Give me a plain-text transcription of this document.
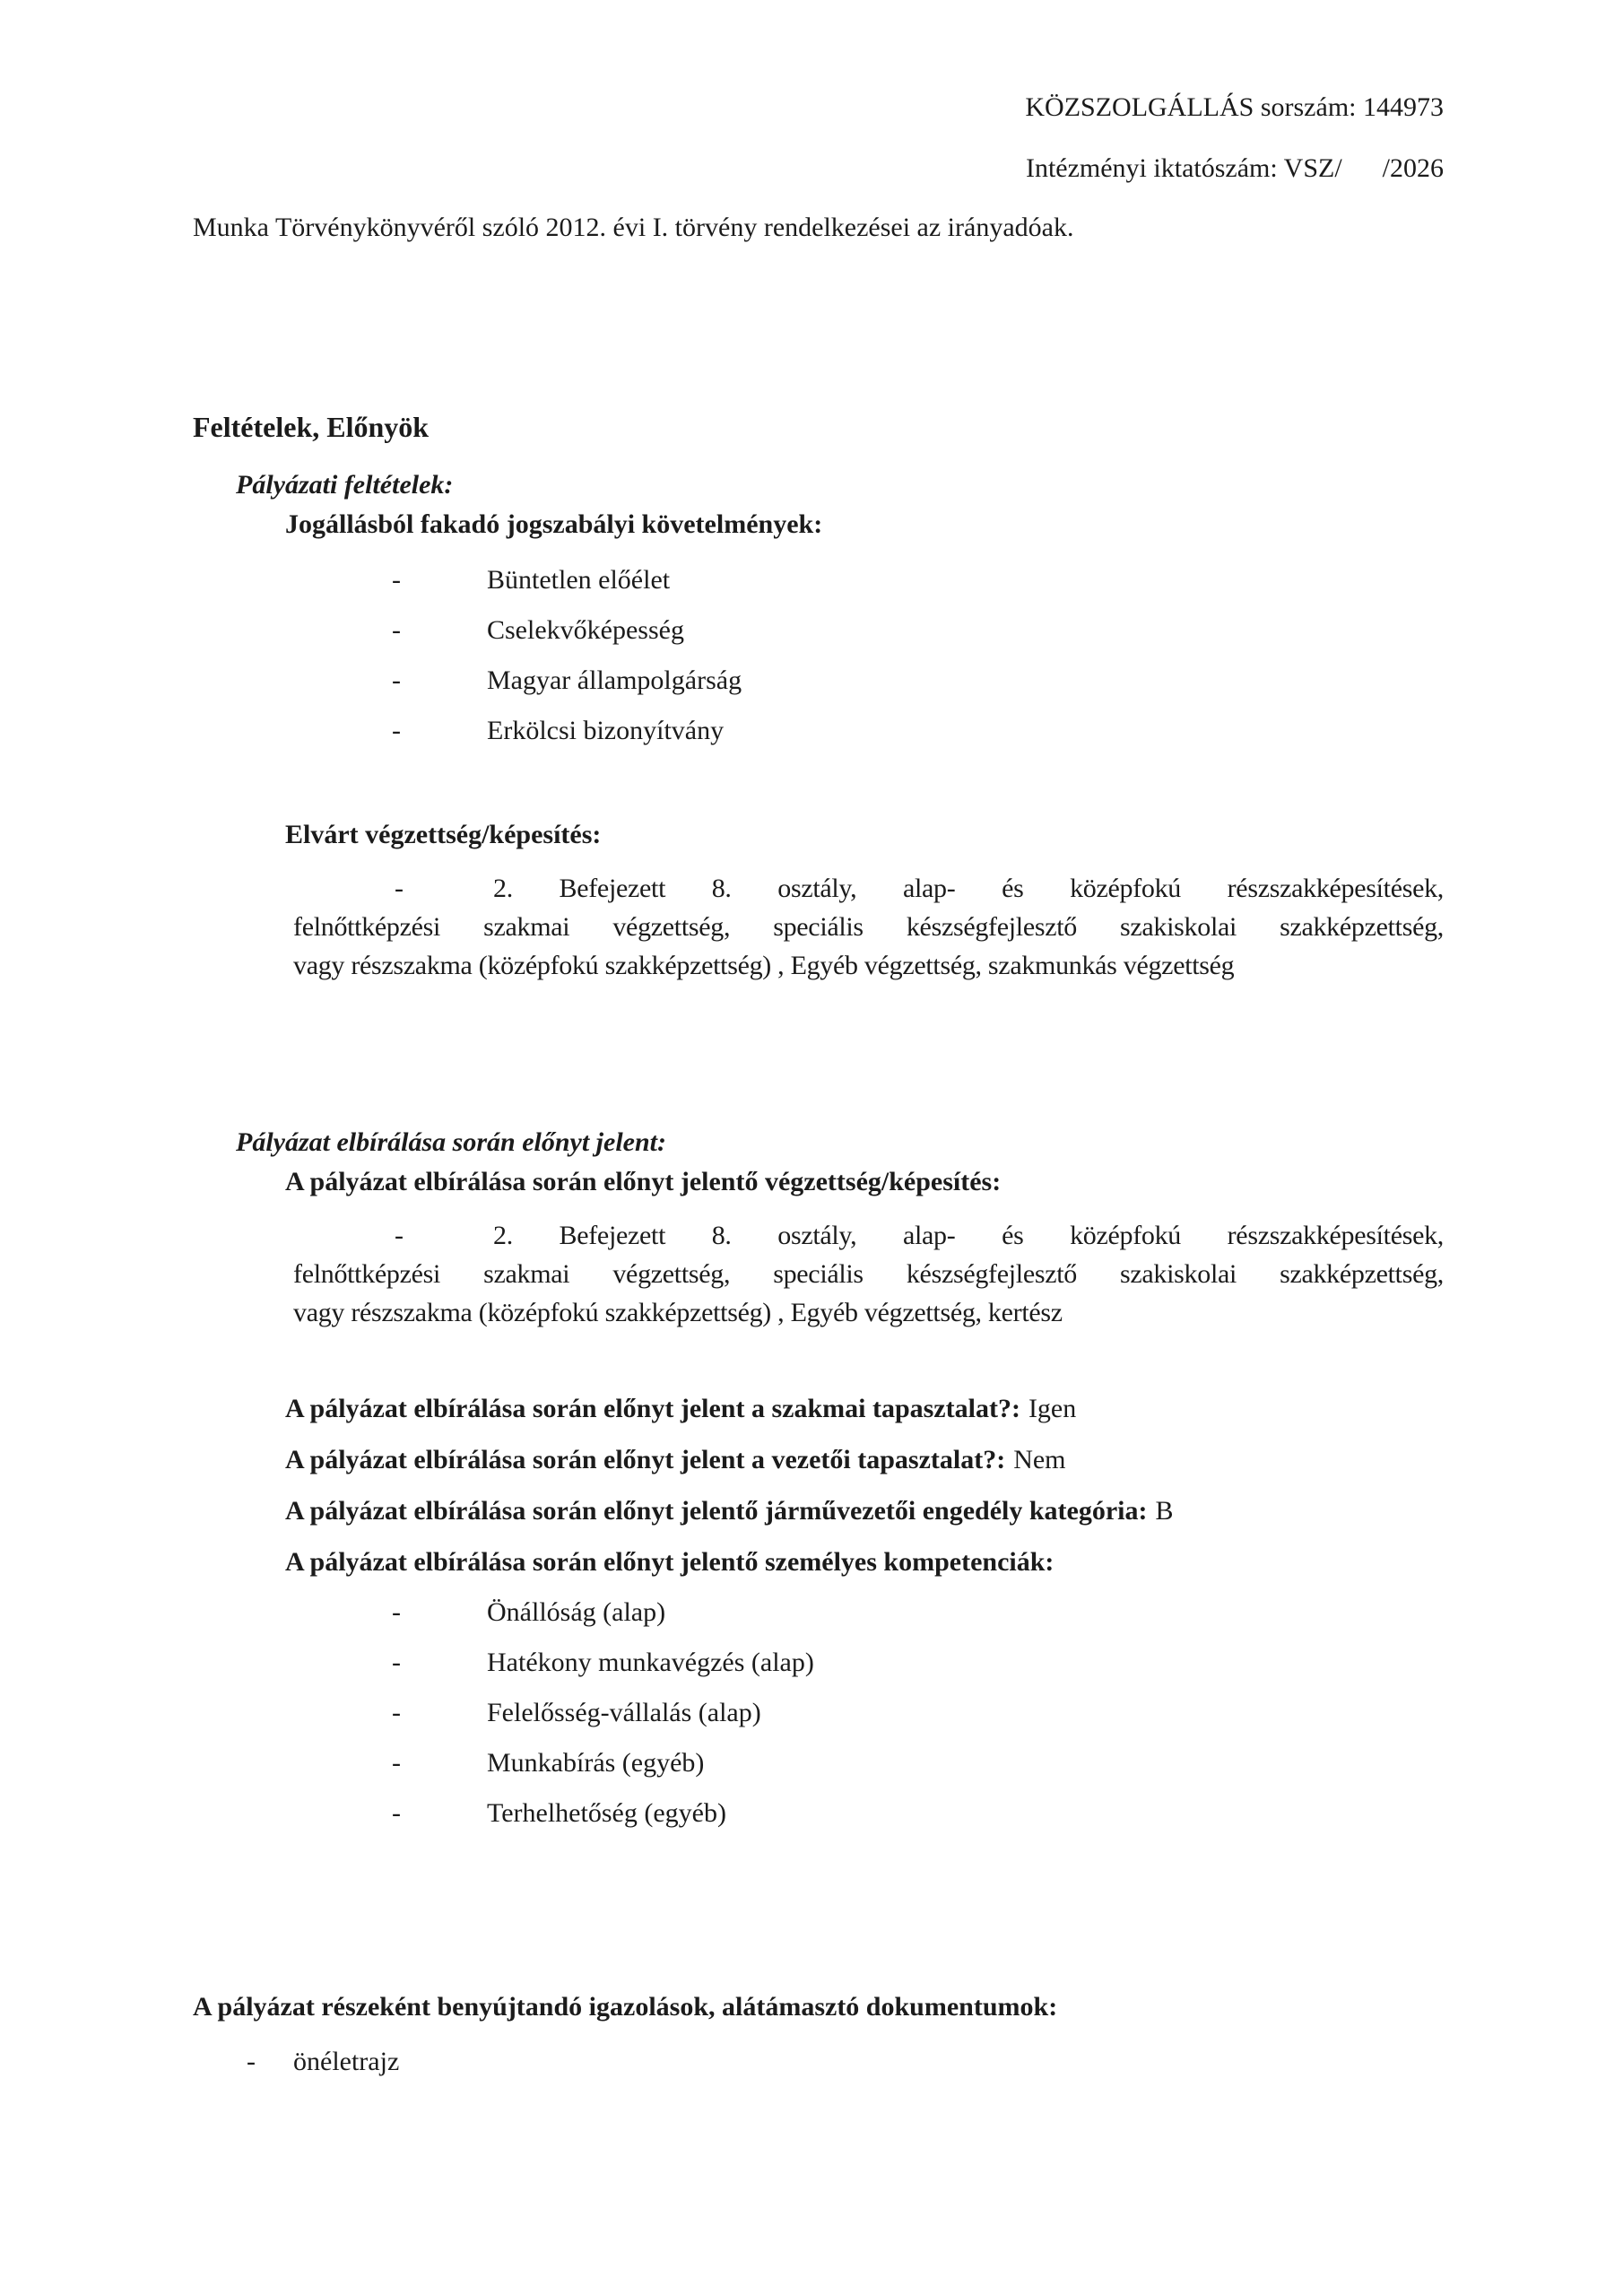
KÖZSZOLGÁLLÁS sorszám: 144973
Intézményi iktatószám: VSZ/      /2026
Munka Törvénykönyvéről szóló 2012. évi I. törvény rendelkezései az irányadóak.
Feltételek, Előnyök
Pályázati feltételek:
Jogállásból fakadó jogszabályi követelmények:
-	Büntetlen előélet
-	Cselekvőképesség
-	Magyar állampolgárság
-	Erkölcsi bizonyítvány
Elvárt végzettség/képesítés:
-	2. Befejezett 8. osztály, alap- és középfokú részszakképesítések,
felnőttképzési szakmai végzettség, speciális készségfejlesztő szakiskolai szakképzettség,
vagy részszakma (középfokú szakképzettség) , Egyéb végzettség, szakmunkás végzettség
Pályázat elbírálása során előnyt jelent:
A pályázat elbírálása során előnyt jelentő végzettség/képesítés:
-	2. Befejezett 8. osztály, alap- és középfokú részszakképesítések,
felnőttképzési szakmai végzettség, speciális készségfejlesztő szakiskolai szakképzettség,
vagy részszakma (középfokú szakképzettség) , Egyéb végzettség, kertész
A pályázat elbírálása során előnyt jelent a szakmai tapasztalat?: Igen
A pályázat elbírálása során előnyt jelent a vezetői tapasztalat?: Nem
A pályázat elbírálása során előnyt jelentő járművezetői engedély kategória: B
A pályázat elbírálása során előnyt jelentő személyes kompetenciák:
-	Önállóság (alap)
-	Hatékony munkavégzés (alap)
-	Felelősség-vállalás (alap)
-	Munkabírás (egyéb)
-	Terhelhetőség (egyéb)
A pályázat részeként benyújtandó igazolások, alátámasztó dokumentumok:
- önéletrajz
